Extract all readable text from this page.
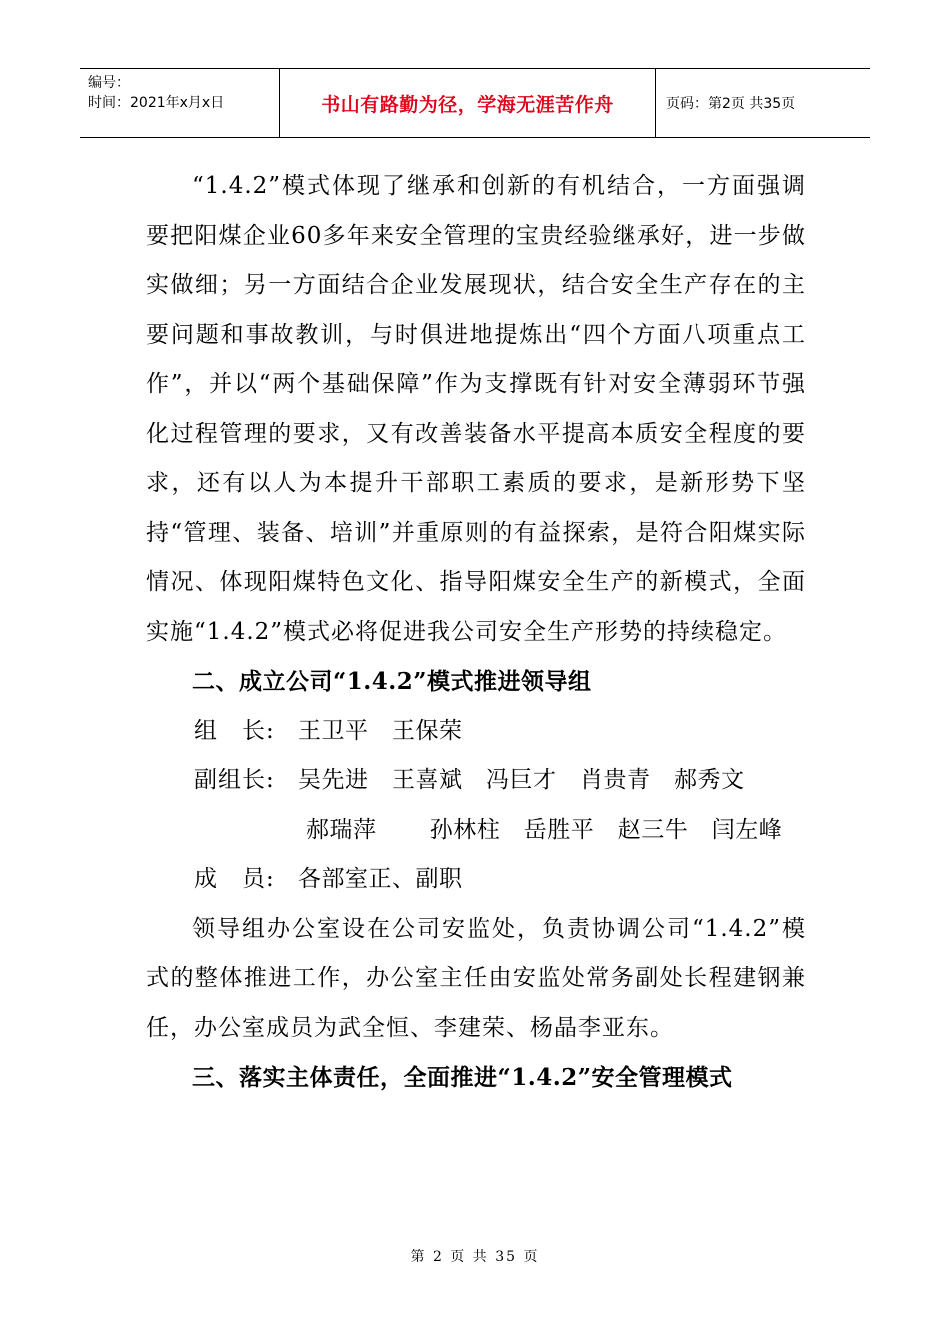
编号：
时间：2021年x月x日	书山有路勤为径，学海无涯苦作舟	页码：第2页 共35页

“1.4.2”模式体现了继承和创新的有机结合，一方面强调要把阳煤企业60多年来安全管理的宝贵经验继承好，进一步做实做细；另一方面结合企业发展现状，结合安全生产存在的主要问题和事故教训，与时俱进地提炼出“四个方面八项重点工作”，并以“两个基础保障”作为支撑既有针对安全薄弱环节强化过程管理的要求，又有改善装备水平提高本质安全程度的要求，还有以人为本提升干部职工素质的要求，是新形势下坚持“管理、装备、培训”并重原则的有益探索，是符合阳煤实际情况、体现阳煤特色文化、指导阳煤安全生产的新模式，全面实施“1.4.2”模式必将促进我公司安全生产形势的持续稳定。

二、成立公司“1.4.2”模式推进领导组

组　长:	王卫平　王保荣
副组长:	吴先进　王喜斌　冯巨才　肖贵青　郝秀文
郝瑞萍　 孙林柱　岳胜平　赵三牛　闫左峰
成　员:	各部室正、副职

领导组办公室设在公司安监处，负责协调公司“1.4.2”模式的整体推进工作，办公室主任由安监处常务副处长程建钢兼任，办公室成员为武全恒、李建荣、杨晶李亚东。

三、落实主体责任，全面推进“1.4.2”安全管理模式

第 2 页 共 35 页
